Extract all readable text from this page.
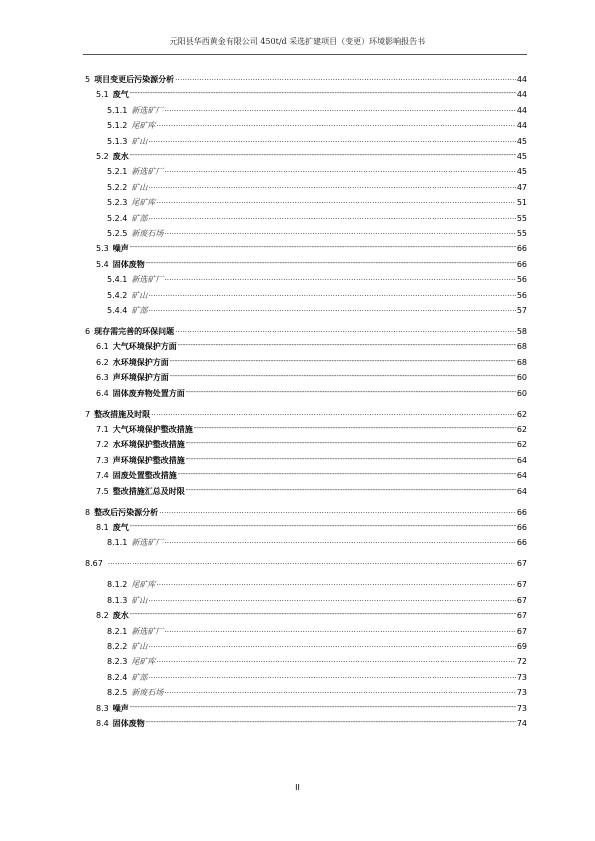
元阳县华西黄金有限公司 450t/d 采选扩建项目（变更）环境影响报告书
5 项目变更后污染源分析 .....	44
5.1 废气 -----	44
5.1.1 新选矿厂 .....	44
5.1.2 尾矿库 .....	44
5.1.3 矿山 .....	45
5.2 废水 -----	45
5.2.1 新选矿厂 .....	45
5.2.2 矿山 .....	47
5.2.3 尾矿库 .....	51
5.2.4 矿部 .....	55
5.2.5 新废石场 .....	55
5.3 噪声 -----	66
5.4 固体废物 -----	66
5.4.1 新选矿厂 .....	56
5.4.2 矿山 .....	56
5.4.4 矿部 .....	57
6 现存需完善的环保问题 .....	58
6.1 大气环境保护方面 -----	68
6.2 水环境保护方面 -----	68
6.3 声环境保护方面 -----	60
6.4 固体废弃物处置方面 -----	60
7 整改措施及时限 .....	62
7.1 大气环境保护整改措施 -----	62
7.2 水环境保护整改措施 -----	62
7.3 声环境保护整改措施 -----	64
7.4 固废处置整改措施 -----	64
7.5 整改措施汇总及时限 -----	64
8 整改后污染源分析 .....	66
8.1 废气 -----	66
8.1.1 新选矿厂 .....	66
8.67 .....	67
8.1.2 尾矿库 .....	67
8.1.3 矿山 .....	67
8.2 废水 -----	67
8.2.1 新选矿厂 .....	67
8.2.2 矿山 .....	69
8.2.3 尾矿库 .....	72
8.2.4 矿部 .....	73
8.2.5 新废石场 .....	73
8.3 噪声 -----	73
8.4 固体废物 -----	74
II
